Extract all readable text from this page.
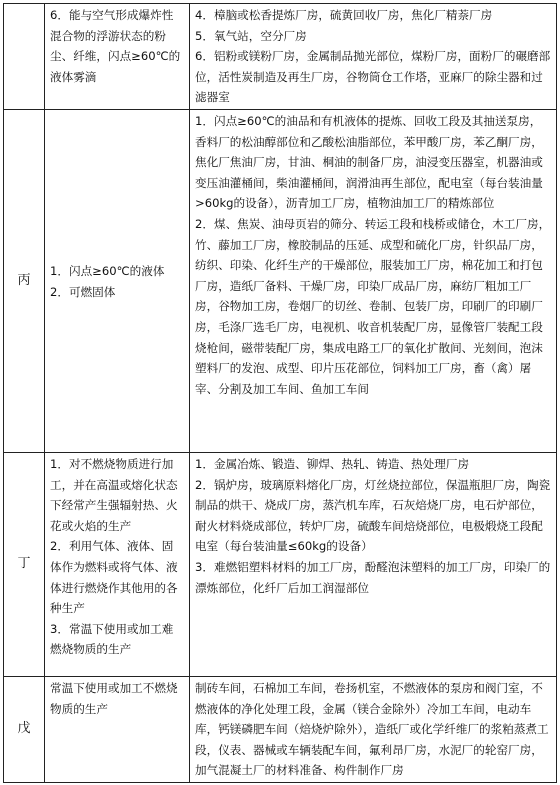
	6．能与空气形成爆炸性混合物的浮游状态的粉尘、纤维，闪点≥60℃的液体雾滴	4．樟脑或松香提炼厂房，硫黄回收厂房，焦化厂精萘厂房
5．氧气站，空分厂房
6．铝粉或镁粉厂房，金属制品抛光部位，煤粉厂房，面粉厂的碾磨部位，活性炭制造及再生厂房，谷物筒仓工作塔，亚麻厂的除尘器和过滤器室

丙	1．闪点≥60℃的液体
2．可燃固体	1．闪点≥60℃的油品和有机液体的提炼、回收工段及其抽送泵房，香料厂的松油醇部位和乙酸松油脂部位，苯甲酸厂房，苯乙酮厂房，焦化厂焦油厂房，甘油、桐油的制备厂房，油浸变压器室，机器油或变压油灌桶间，柴油灌桶间，润滑油再生部位，配电室（每台装油量>60kg的设备），沥青加工厂房，植物油加工厂的精炼部位
2．煤、焦炭、油母页岩的筛分、转运工段和栈桥或储仓，木工厂房，竹、藤加工厂房，橡胶制品的压延、成型和硫化厂房，针织品厂房，纺织、印染、化纤生产的干燥部位，服装加工厂房，棉花加工和打包厂房，造纸厂备料、干燥厂房，印染厂成品厂房，麻纺厂粗加工厂房，谷物加工房，卷烟厂的切丝、卷制、包装厂房，印刷厂的印刷厂房，毛涤厂选毛厂房，电视机、收音机装配厂房，显像管厂装配工段烧枪间，磁带装配厂房，集成电路工厂的氧化扩散间、光刻间，泡沫塑料厂的发泡、成型、印片压花部位，饲料加工厂房，畜（禽）屠宰、分割及加工车间、鱼加工车间

丁	1．对不燃烧物质进行加工，并在高温或熔化状态下经常产生强辐射热、火花或火焰的生产
2．利用气体、液体、固体作为燃料或将气体、液体进行燃烧作其他用的各种生产
3．常温下使用或加工难燃烧物质的生产	1．金属冶炼、锻造、铆焊、热轧、铸造、热处理厂房
2．锅炉房，玻璃原料熔化厂房，灯丝烧拉部位，保温瓶胆厂房，陶瓷制品的烘干、烧成厂房，蒸汽机车库，石灰焙烧厂房，电石炉部位，耐火材料烧成部位，转炉厂房，硫酸车间焙烧部位，电极煅烧工段配电室（每台装油量≤60kg的设备）
3．难燃铝塑料材料的加工厂房，酚醛泡沫塑料的加工厂房，印染厂的漂炼部位，化纤厂后加工润湿部位

戊	常温下使用或加工不燃烧物质的生产	制砖车间，石棉加工车间，卷扬机室，不燃液体的泵房和阀门室，不燃液体的净化处理工段，金属（镁合金除外）冷加工车间，电动车库，钙镁磷肥车间（焙烧炉除外），造纸厂或化学纤维厂的浆粕蒸煮工段，仪表、器械或车辆装配车间，氟利昂厂房，水泥厂的轮窑厂房，加气混凝土厂的材料准备、构件制作厂房
